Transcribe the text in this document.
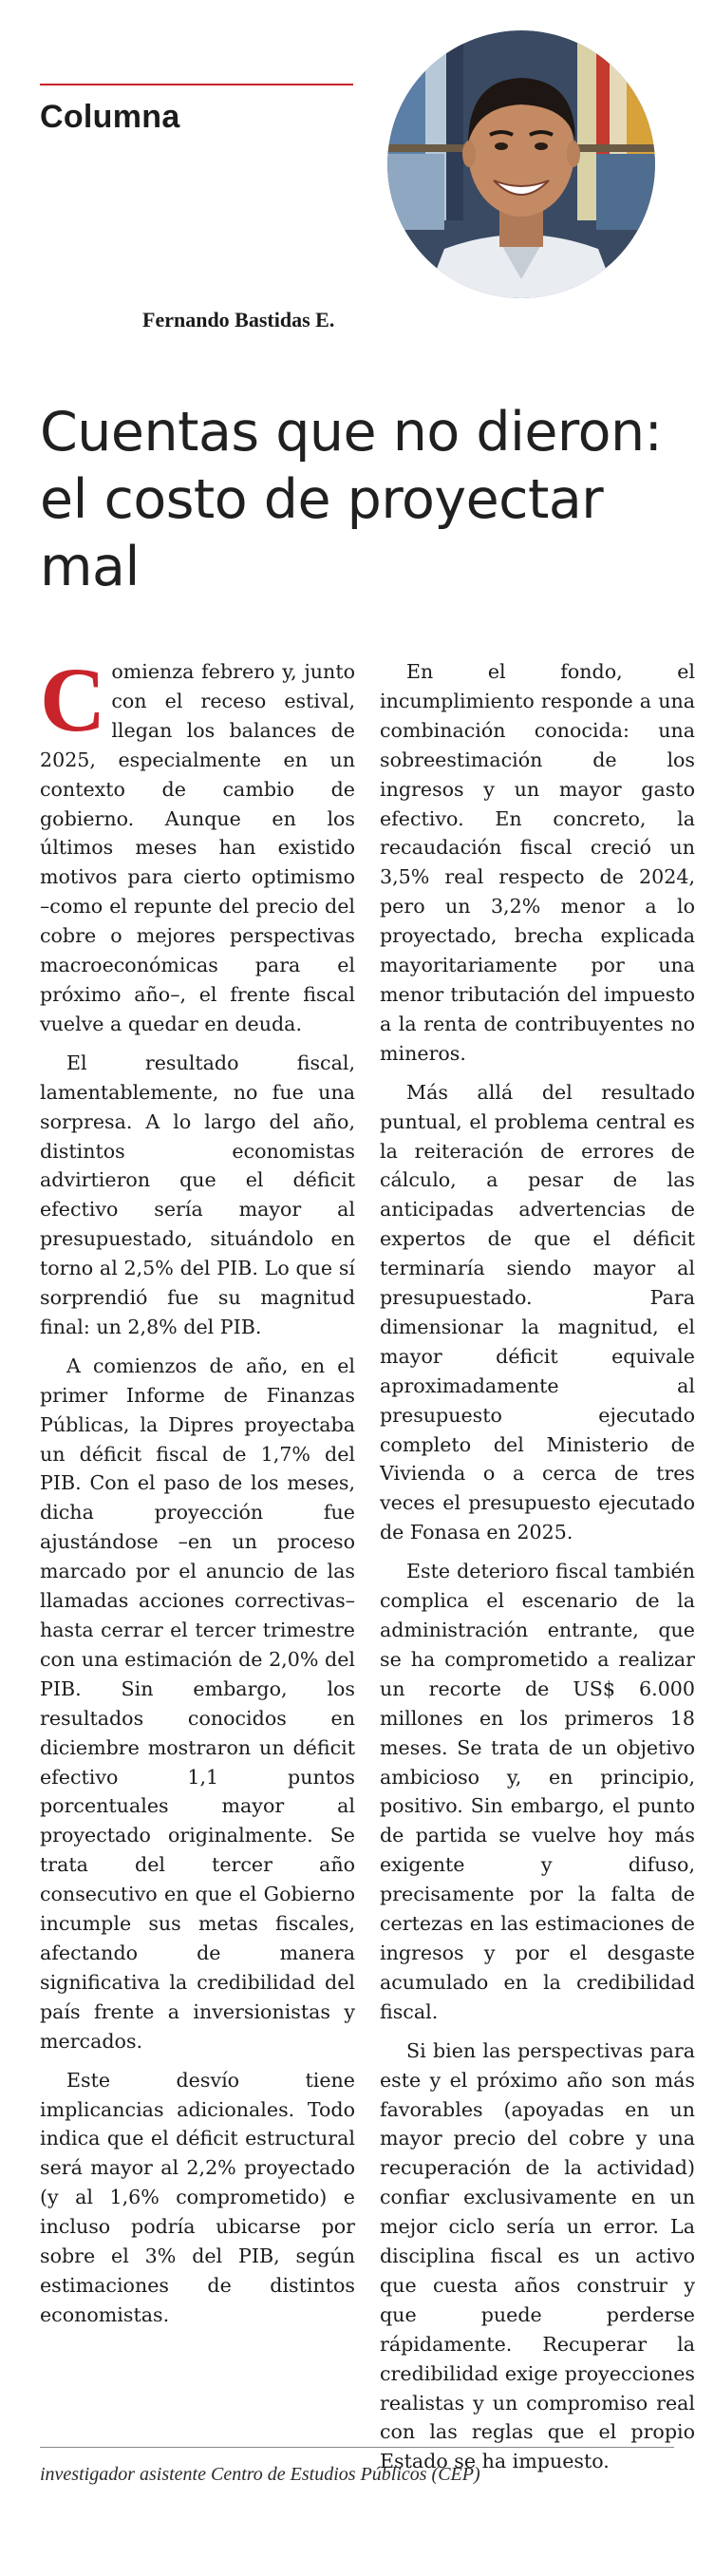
Columna
Fernando Bastidas E.
Cuentas que no dieron: el costo de proyectar mal

Comienza febrero y, junto con el receso estival, llegan los balances de 2025, especialmente en un contexto de cambio de gobierno. Aunque en los últimos meses han existido motivos para cierto optimismo –como el repunte del precio del cobre o mejores perspectivas macroeconómicas para el próximo año–, el frente fiscal vuelve a quedar en deuda.

El resultado fiscal, lamentablemente, no fue una sorpresa. A lo largo del año, distintos economistas advirtieron que el déficit efectivo sería mayor al presupuestado, situándolo en torno al 2,5% del PIB. Lo que sí sorprendió fue su magnitud final: un 2,8% del PIB.

A comienzos de año, en el primer Informe de Finanzas Públicas, la Dipres proyectaba un déficit fiscal de 1,7% del PIB. Con el paso de los meses, dicha proyección fue ajustándose –en un proceso marcado por el anuncio de las llamadas acciones correctivas–hasta cerrar el tercer trimestre con una estimación de 2,0% del PIB. Sin embargo, los resultados conocidos en diciembre mostraron un déficit efectivo 1,1 puntos porcentuales mayor al proyectado originalmente. Se trata del tercer año consecutivo en que el Gobierno incumple sus metas fiscales, afectando de manera significativa la credibilidad del país frente a inversionistas y mercados.

Este desvío tiene implicancias adicionales. Todo indica que el déficit estructural será mayor al 2,2% proyectado (y al 1,6% comprometido) e incluso podría ubicarse por sobre el 3% del PIB, según estimaciones de distintos economistas.

En el fondo, el incumplimiento responde a una combinación conocida: una sobreestimación de los ingresos y un mayor gasto efectivo. En concreto, la recaudación fiscal creció un 3,5% real respecto de 2024, pero un 3,2% menor a lo proyectado, brecha explicada mayoritariamente por una menor tributación del impuesto a la renta de contribuyentes no mineros.

Más allá del resultado puntual, el problema central es la reiteración de errores de cálculo, a pesar de las anticipadas advertencias de expertos de que el déficit terminaría siendo mayor al presupuestado. Para dimensionar la magnitud, el mayor déficit equivale aproximadamente al presupuesto ejecutado completo del Ministerio de Vivienda o a cerca de tres veces el presupuesto ejecutado de Fonasa en 2025.

Este deterioro fiscal también complica el escenario de la administración entrante, que se ha comprometido a realizar un recorte de US$ 6.000 millones en los primeros 18 meses. Se trata de un objetivo ambicioso y, en principio, positivo. Sin embargo, el punto de partida se vuelve hoy más exigente y difuso, precisamente por la falta de certezas en las estimaciones de ingresos y por el desgaste acumulado en la credibilidad fiscal.

Si bien las perspectivas para este y el próximo año son más favorables (apoyadas en un mayor precio del cobre y una recuperación de la actividad) confiar exclusivamente en un mejor ciclo sería un error. La disciplina fiscal es un activo que cuesta años construir y que puede perderse rápidamente. Recuperar la credibilidad exige proyecciones realistas y un compromiso real con las reglas que el propio Estado se ha impuesto.

investigador asistente Centro de Estudios Públicos (CEP)
